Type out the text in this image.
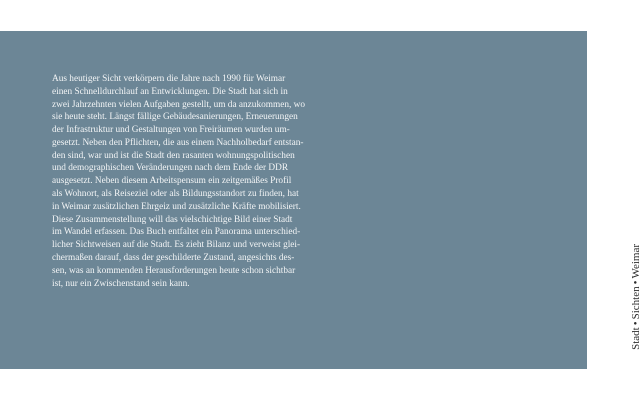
Aus heutiger Sicht verkörpern die Jahre nach 1990 für Weimar
einen Schnelldurchlauf an Entwicklungen. Die Stadt hat sich in
zwei Jahrzehnten vielen Aufgaben gestellt, um da anzukommen, wo
sie heute steht. Längst fällige Gebäudesanierungen, Erneuerungen
der Infrastruktur und Gestaltungen von Freiräumen wurden um-
gesetzt. Neben den Pflichten, die aus einem Nachholbedarf entstan-
den sind, war und ist die Stadt den rasanten wohnungspolitischen
und demographischen Veränderungen nach dem Ende der DDR
ausgesetzt. Neben diesem Arbeitspensum ein zeitgemäßes Profil
als Wohnort, als Reiseziel oder als Bildungsstandort zu finden, hat
in Weimar zusätzlichen Ehrgeiz und zusätzliche Kräfte mobilisiert.
Diese Zusammenstellung will das vielschichtige Bild einer Stadt
im Wandel erfassen. Das Buch entfaltet ein Panorama unterschied-
licher Sichtweisen auf die Stadt. Es zieht Bilanz und verweist glei-
chermaßen darauf, dass der geschilderte Zustand, angesichts des-
sen, was an kommenden Herausforderungen heute schon sichtbar
ist, nur ein Zwischenstand sein kann.
Stadt•Sichten•Weimar
